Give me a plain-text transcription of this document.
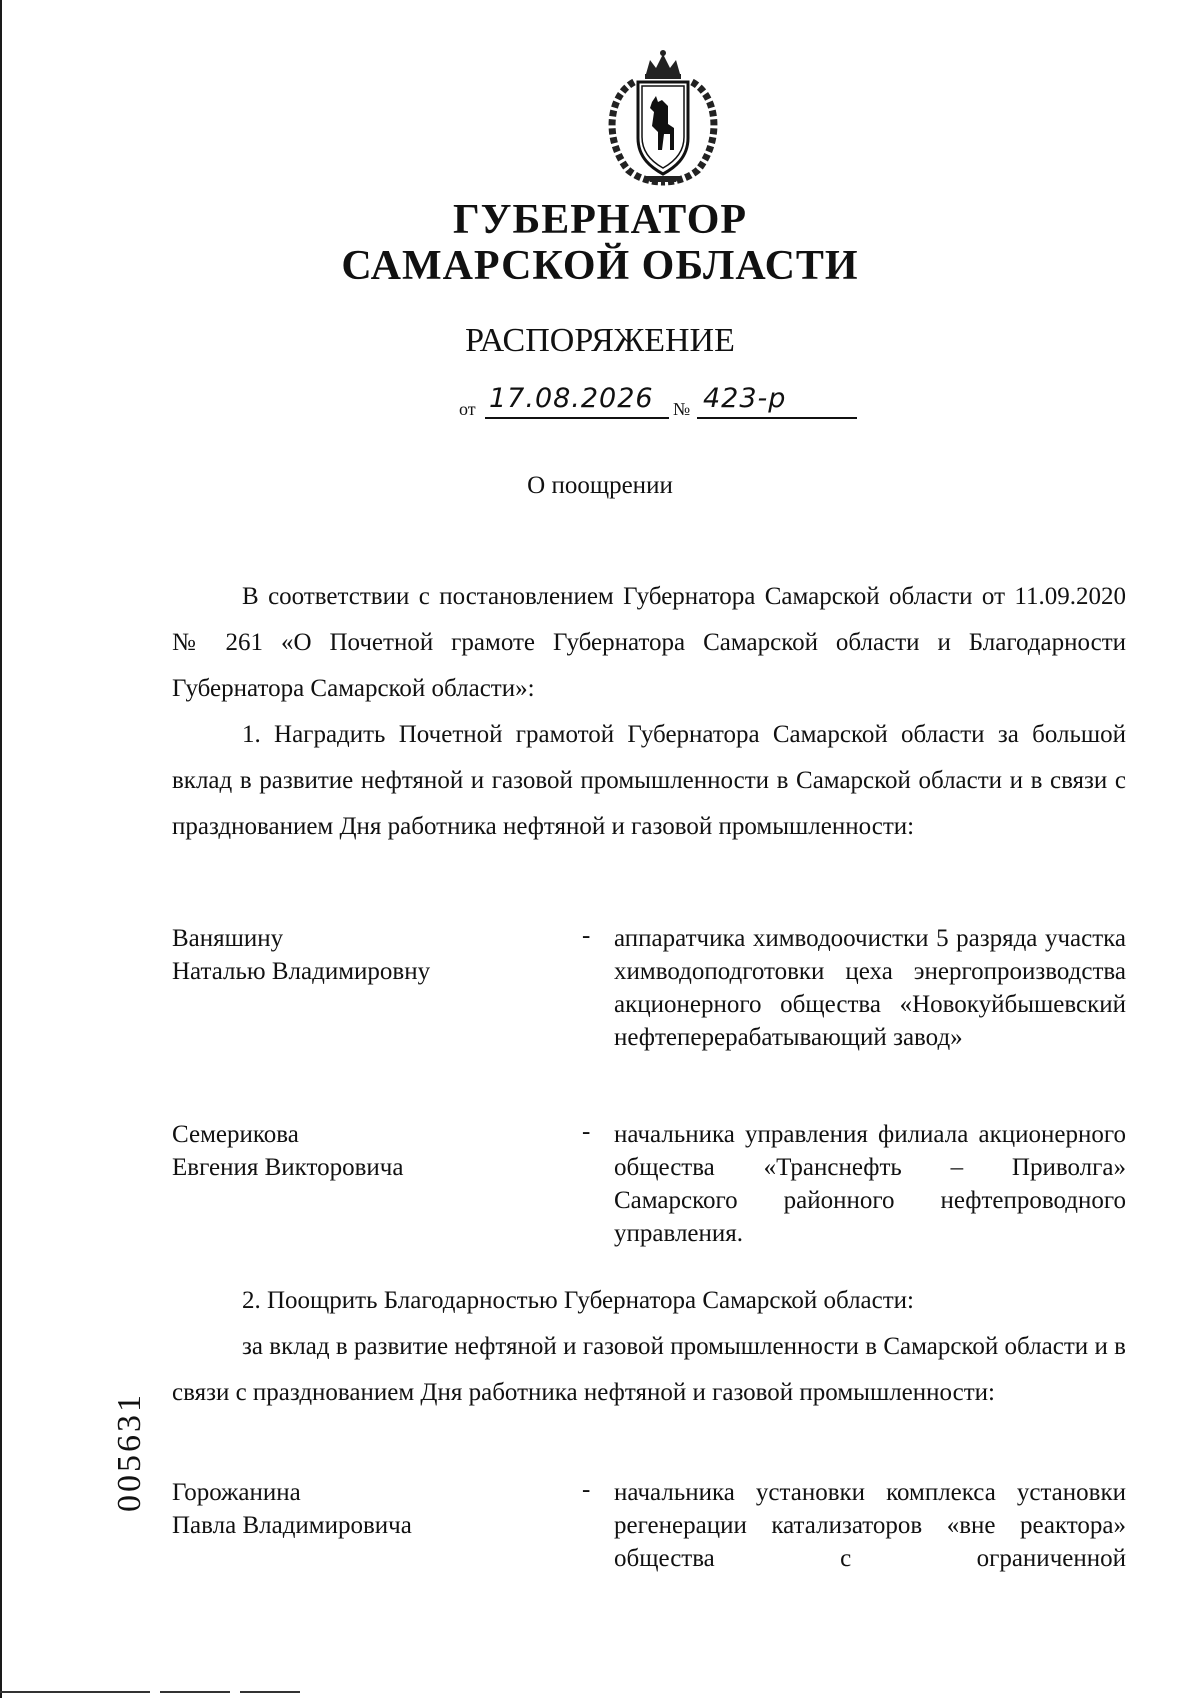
ГУБЕРНАТОР
САМАРСКОЙ ОБЛАСТИ
РАСПОРЯЖЕНИЕ
от 17.08.2026 № 423-р
О поощрении
В соответствии с постановлением Губернатора Самарской области от 11.09.2020 № 261 «О Почетной грамоте Губернатора Самарской области и Благодарности Губернатора Самарской области»:
1. Наградить Почетной грамотой Губернатора Самарской области за большой вклад в развитие нефтяной и газовой промышленности в Самарской области и в связи с празднованием Дня работника нефтяной и газовой промышленности:
Ваняшину
Наталью Владимировну
- аппаратчика химводоочистки 5 разряда участка химводоподготовки цеха энергопроизводства акционерного общества «Новокуйбышевский нефтеперерабатывающий завод»
Семерикова
Евгения Викторовича
- начальника управления филиала акционерного общества «Транснефть – Приволга» Самарского районного нефтепроводного управления.
2. Поощрить Благодарностью Губернатора Самарской области:
за вклад в развитие нефтяной и газовой промышленности в Самарской области и в связи с празднованием Дня работника нефтяной и газовой промышленности:
Горожанина
Павла Владимировича
- начальника установки комплекса установки регенерации катализаторов «вне реактора» общества с ограниченной
005631
